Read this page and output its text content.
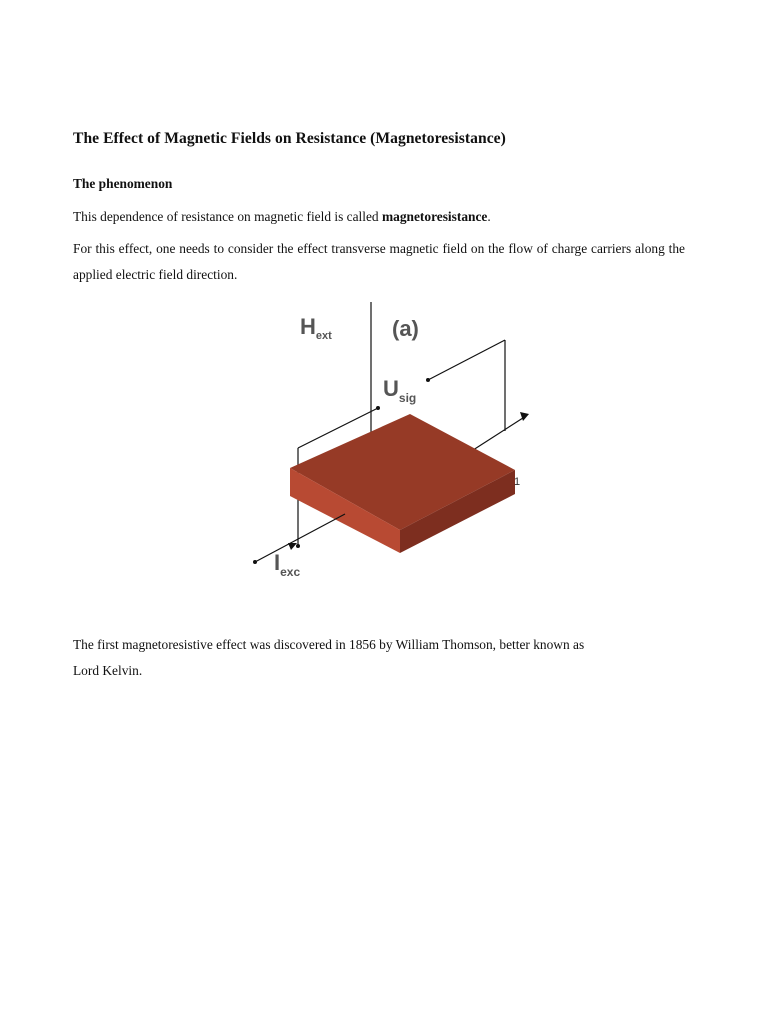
The Effect of Magnetic Fields on Resistance (Magnetoresistance)
The phenomenon
This dependence of resistance on magnetic field is called magnetoresistance.
For this effect, one needs to consider the effect transverse magnetic field on the flow of charge carriers along the applied electric field direction.
$H_{ext}$	(a)
$U_{sig}$
$I_{exc}$
1
The first magnetoresistive effect was discovered in 1856 by William Thomson, better known as
Lord Kelvin.
